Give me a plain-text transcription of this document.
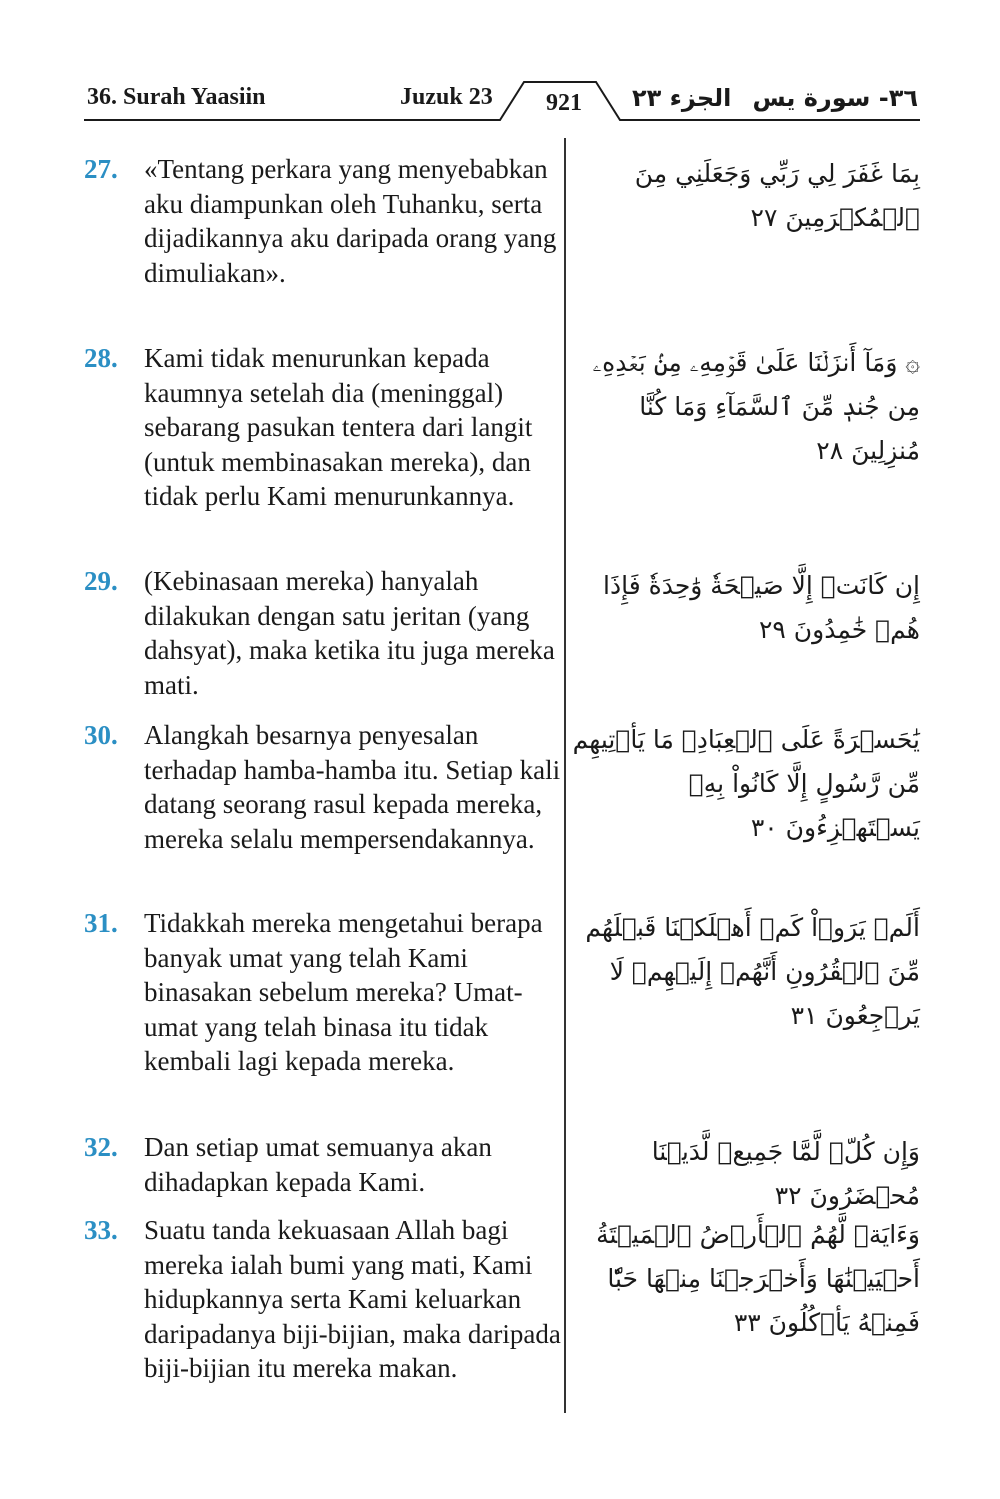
36. Surah Yaasiin	Juzuk 23 921 الجزء ٢٣ ٣٦- سورة يس
27. «Tentang perkara yang menyebabkan aku diampunkan oleh Tuhanku, serta dijadikannya aku daripada orang yang dimuliakan».
بِمَا غَفَرَ لِي رَبِّي وَجَعَلَنِي مِنَ ٱلۡمُكۡرَمِينَ ٢٧
28. Kami tidak menurunkan kepada kaumnya setelah dia (meninggal) sebarang pasukan tentera dari langit (untuk membinasakan mereka), dan tidak perlu Kami menurunkannya.
۞ وَمَآ أَنزَلۡنَا عَلَىٰ قَوۡمِهِۦ مِنۢ بَعۡدِهِۦ مِن جُندٖ مِّنَ ٱلسَّمَآءِ وَمَا كُنَّا مُنزِلِينَ ٢٨
29. (Kebinasaan mereka) hanyalah dilakukan dengan satu jeritan (yang dahsyat), maka ketika itu juga mereka mati.
إِن كَانَتۡ إِلَّا صَيۡحَةٗ وَٰحِدَةٗ فَإِذَا هُمۡ خَٰمِدُونَ ٢٩
30. Alangkah besarnya penyesalan terhadap hamba-hamba itu. Setiap kali datang seorang rasul kepada mereka, mereka selalu mempersendakannya.
يَٰحَسۡرَةً عَلَى ٱلۡعِبَادِۚ مَا يَأۡتِيهِم مِّن رَّسُولٍ إِلَّا كَانُواْ بِهِۦ يَسۡتَهۡزِءُونَ ٣٠
31. Tidakkah mereka mengetahui berapa banyak umat yang telah Kami binasakan sebelum mereka? Umat-umat yang telah binasa itu tidak kembali lagi kepada mereka.
أَلَمۡ يَرَوۡاْ كَمۡ أَهۡلَكۡنَا قَبۡلَهُم مِّنَ ٱلۡقُرُونِ أَنَّهُمۡ إِلَيۡهِمۡ لَا يَرۡجِعُونَ ٣١
32. Dan setiap umat semuanya akan dihadapkan kepada Kami.
وَإِن كُلّٞ لَّمَّا جَمِيعٞ لَّدَيۡنَا مُحۡضَرُونَ ٣٢
33. Suatu tanda kekuasaan Allah bagi mereka ialah bumi yang mati, Kami hidupkannya serta Kami keluarkan daripadanya biji-bijian, maka daripada biji-bijian itu mereka makan.
وَءَايَةٞ لَّهُمُ ٱلۡأَرۡضُ ٱلۡمَيۡتَةُ أَحۡيَيۡنَٰهَا وَأَخۡرَجۡنَا مِنۡهَا حَبّٗا فَمِنۡهُ يَأۡكُلُونَ ٣٣
